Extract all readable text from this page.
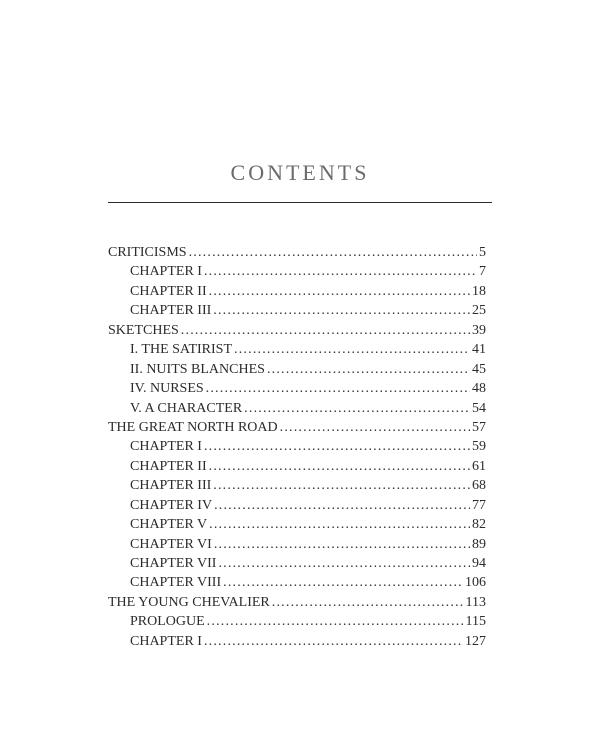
CONTENTS
CRITICISMS .....	5
CHAPTER I .....	7
CHAPTER II .....	18
CHAPTER III .....	25
SKETCHES .....	39
I. THE SATIRIST .....	41
II. NUITS BLANCHES .....	45
IV. NURSES .....	48
V. A CHARACTER .....	54
THE GREAT NORTH ROAD .....	57
CHAPTER I .....	59
CHAPTER II .....	61
CHAPTER III .....	68
CHAPTER IV .....	77
CHAPTER V .....	82
CHAPTER VI .....	89
CHAPTER VII .....	94
CHAPTER VIII .....	106
THE YOUNG CHEVALIER .....	113
PROLOGUE .....	115
CHAPTER I .....	127
